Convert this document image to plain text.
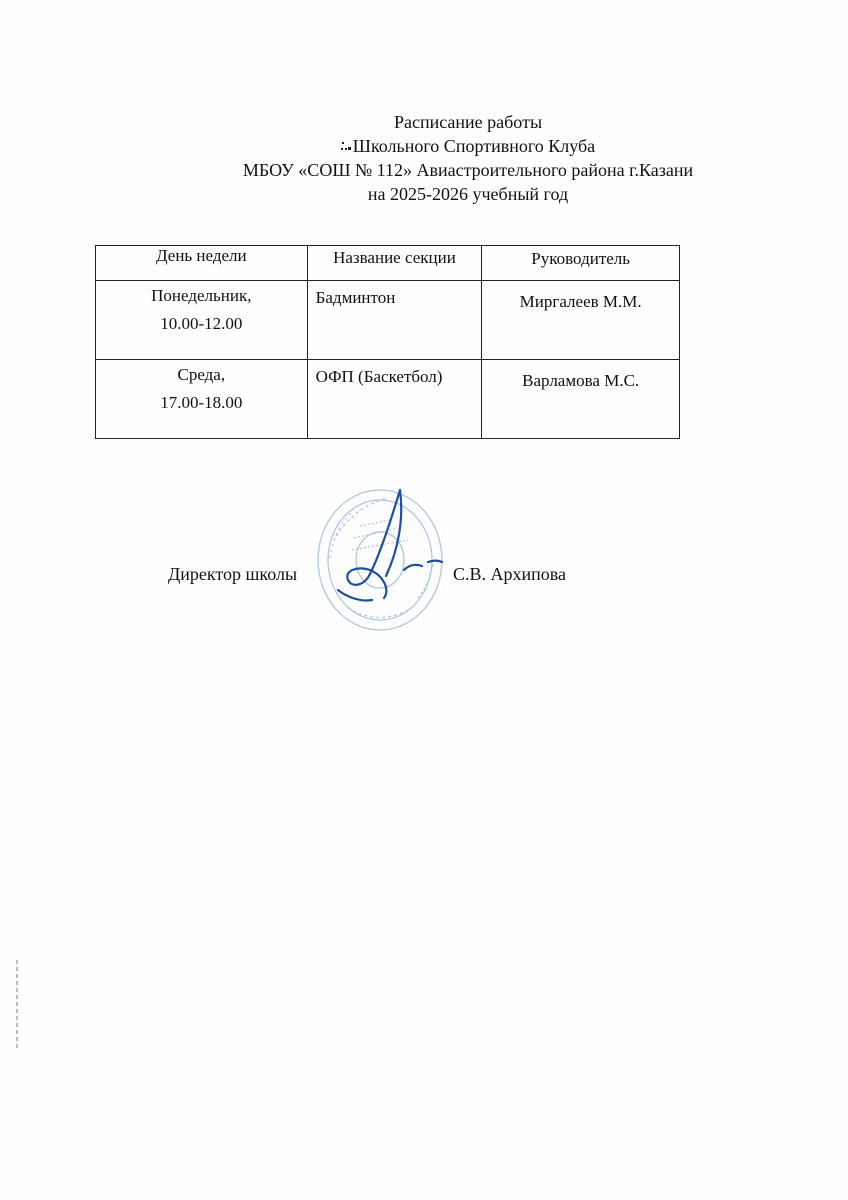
Расписание работы
Школьного Спортивного Клуба
МБОУ «СОШ № 112» Авиастроительного района г.Казани
на 2025-2026 учебный год
День недели	Название секции	Руководитель

Понедельник,
10.00-12.00	Бадминтон	Миргалеев М.М.

Среда,
17.00-18.00	ОФП (Баскетбол)	Варламова М.С.
Директор школы	С.В. Архипова
